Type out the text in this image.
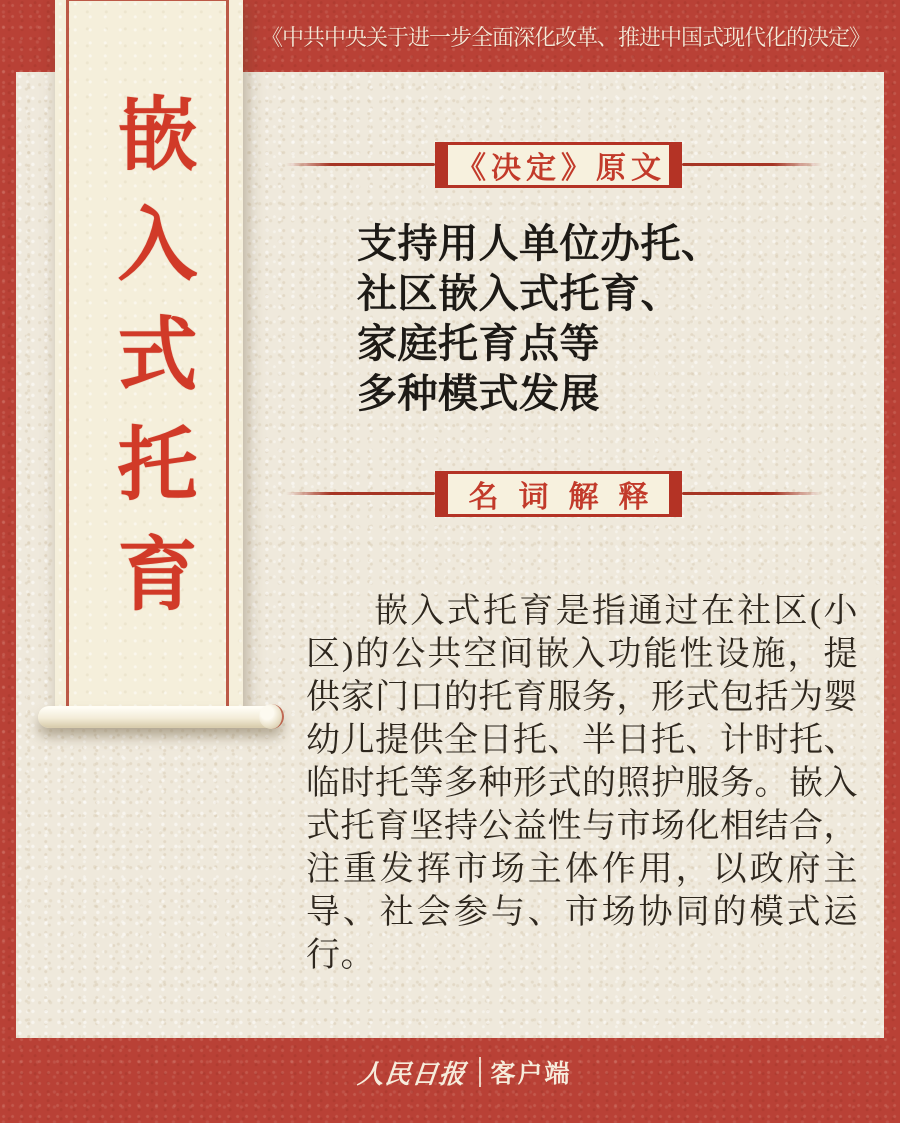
《中共中央关于进一步全面深化改革、推进中国式现代化的决定》
《决定》原文
支持用人单位办托、
社区嵌入式托育、
家庭托育点等
多种模式发展
名词解释
嵌入式托育是指通过在社区(小区)的公共空间嵌入功能性设施，提供家门口的托育服务，形式包括为婴幼儿提供全日托、半日托、计时托、临时托等多种形式的照护服务。嵌入式托育坚持公益性与市场化相结合，注重发挥市场主体作用，以政府主导、社会参与、市场协同的模式运行。
嵌入式托育
人民日报 客户端
